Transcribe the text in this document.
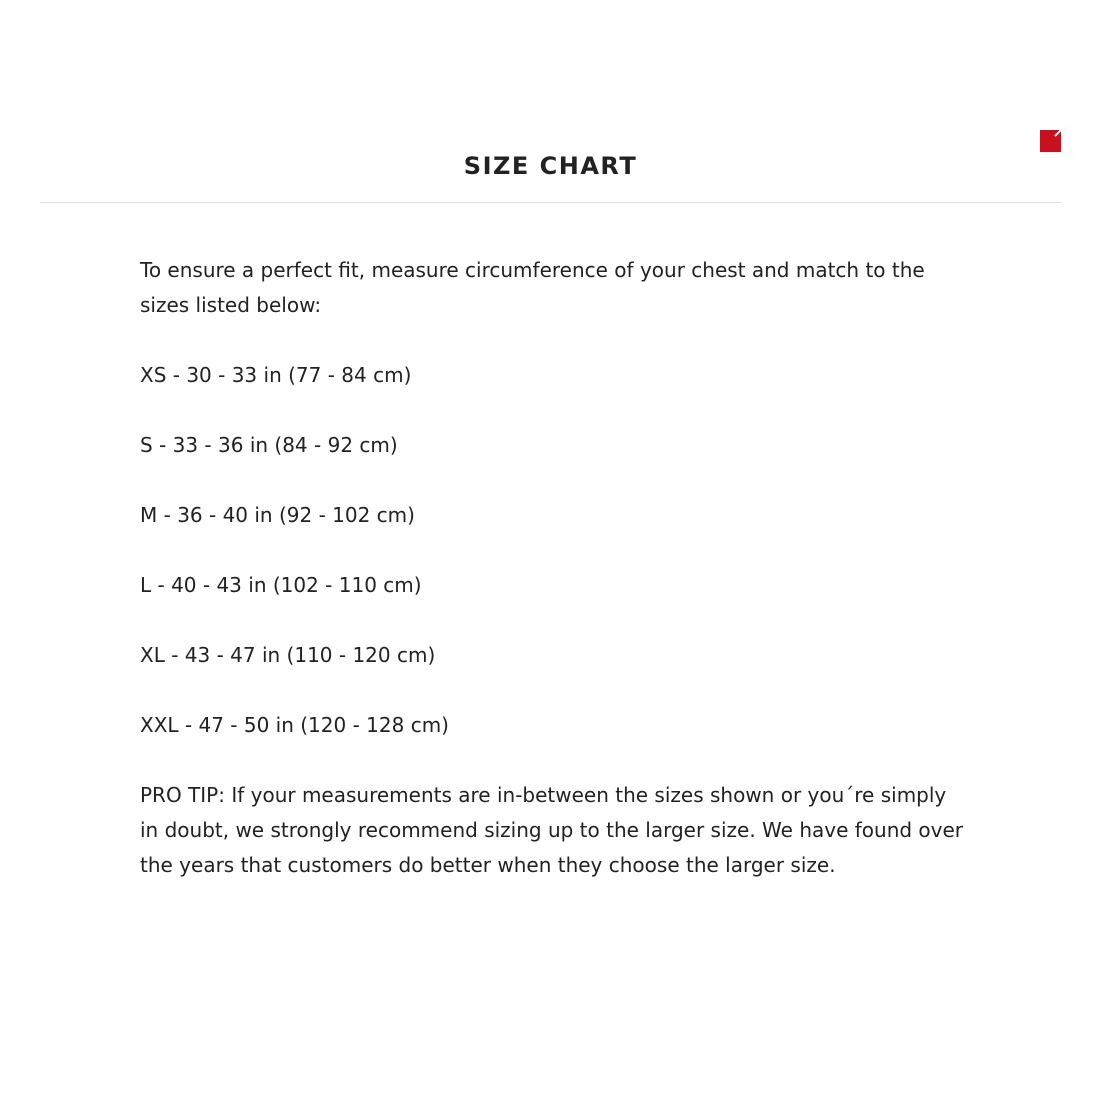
SIZE CHART

To ensure a perfect fit, measure circumference of your chest and match to the sizes listed below:

XS - 30 - 33 in (77 - 84 cm)

S - 33 - 36 in (84 - 92 cm)

M - 36 - 40 in (92 - 102 cm)

L - 40 - 43 in (102 - 110 cm)

XL - 43 - 47 in (110 - 120 cm)

XXL - 47 - 50 in (120 - 128 cm)

PRO TIP: If your measurements are in-between the sizes shown or you´re simply in doubt, we strongly recommend sizing up to the larger size. We have found over the years that customers do better when they choose the larger size.
